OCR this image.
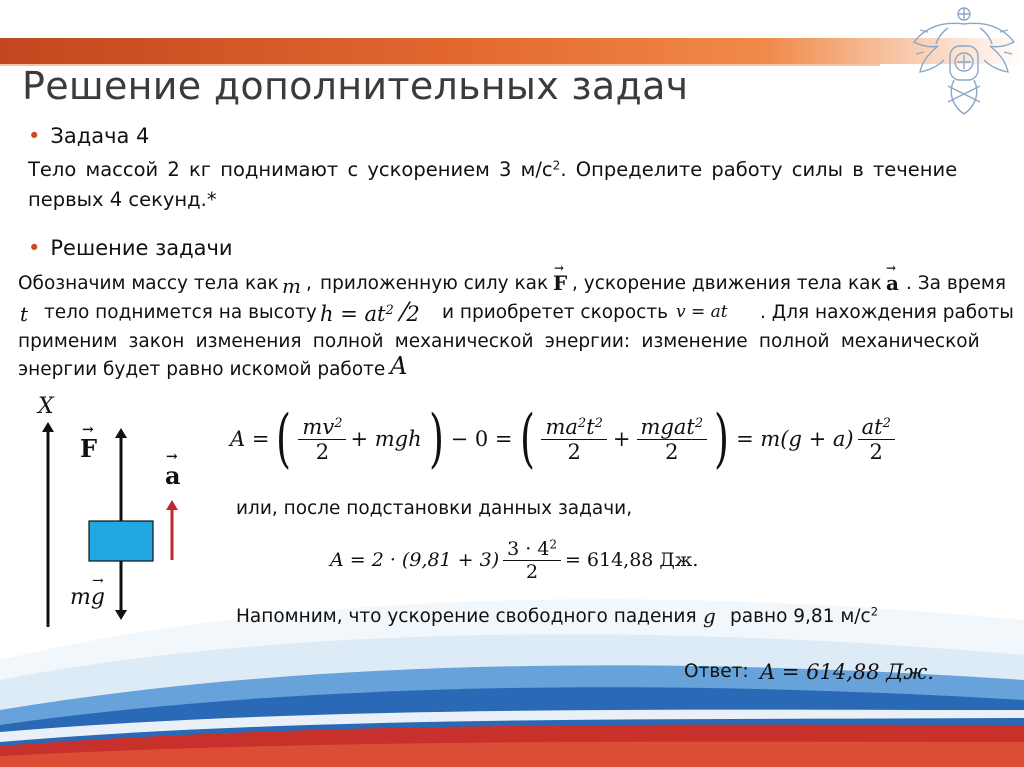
Решение дополнительных задач
• Задача 4
Тело массой 2 кг поднимают с ускорением 3 $м/с^2$. Определите работу силы в течение
первых 4 секунд.*
• Решение задачи
Обозначим массу тела как m , приложенную силу как
→
F , ускорение движения тела как
→
a . За время
t тело поднимется на высоту $h = at^2$ ⁄2 и приобретет скорость v = at . Для нахождения работы
применим закон изменения полной механической энергии: изменение полной механической
энергии будет равно искомой работе A
X
→
F	→
a
→
mg
A = ( $\frac{mv^2}{2}$ + mgh ) − 0 = ( $\frac{ma^2t^2}{2} + \frac{mgat^2}{2}$ ) = $m(g + a) \frac{at^2}{2}$
или, после подстановки данных задачи,
$A = 2 \cdot (9,81 + 3) \frac{3 \cdot 4^2}{2} = 614,88$ Дж.
Напомним, что ускорение свободного падения g равно 9,81 $м/с^2$
Ответ: A = 614,88 Дж.
